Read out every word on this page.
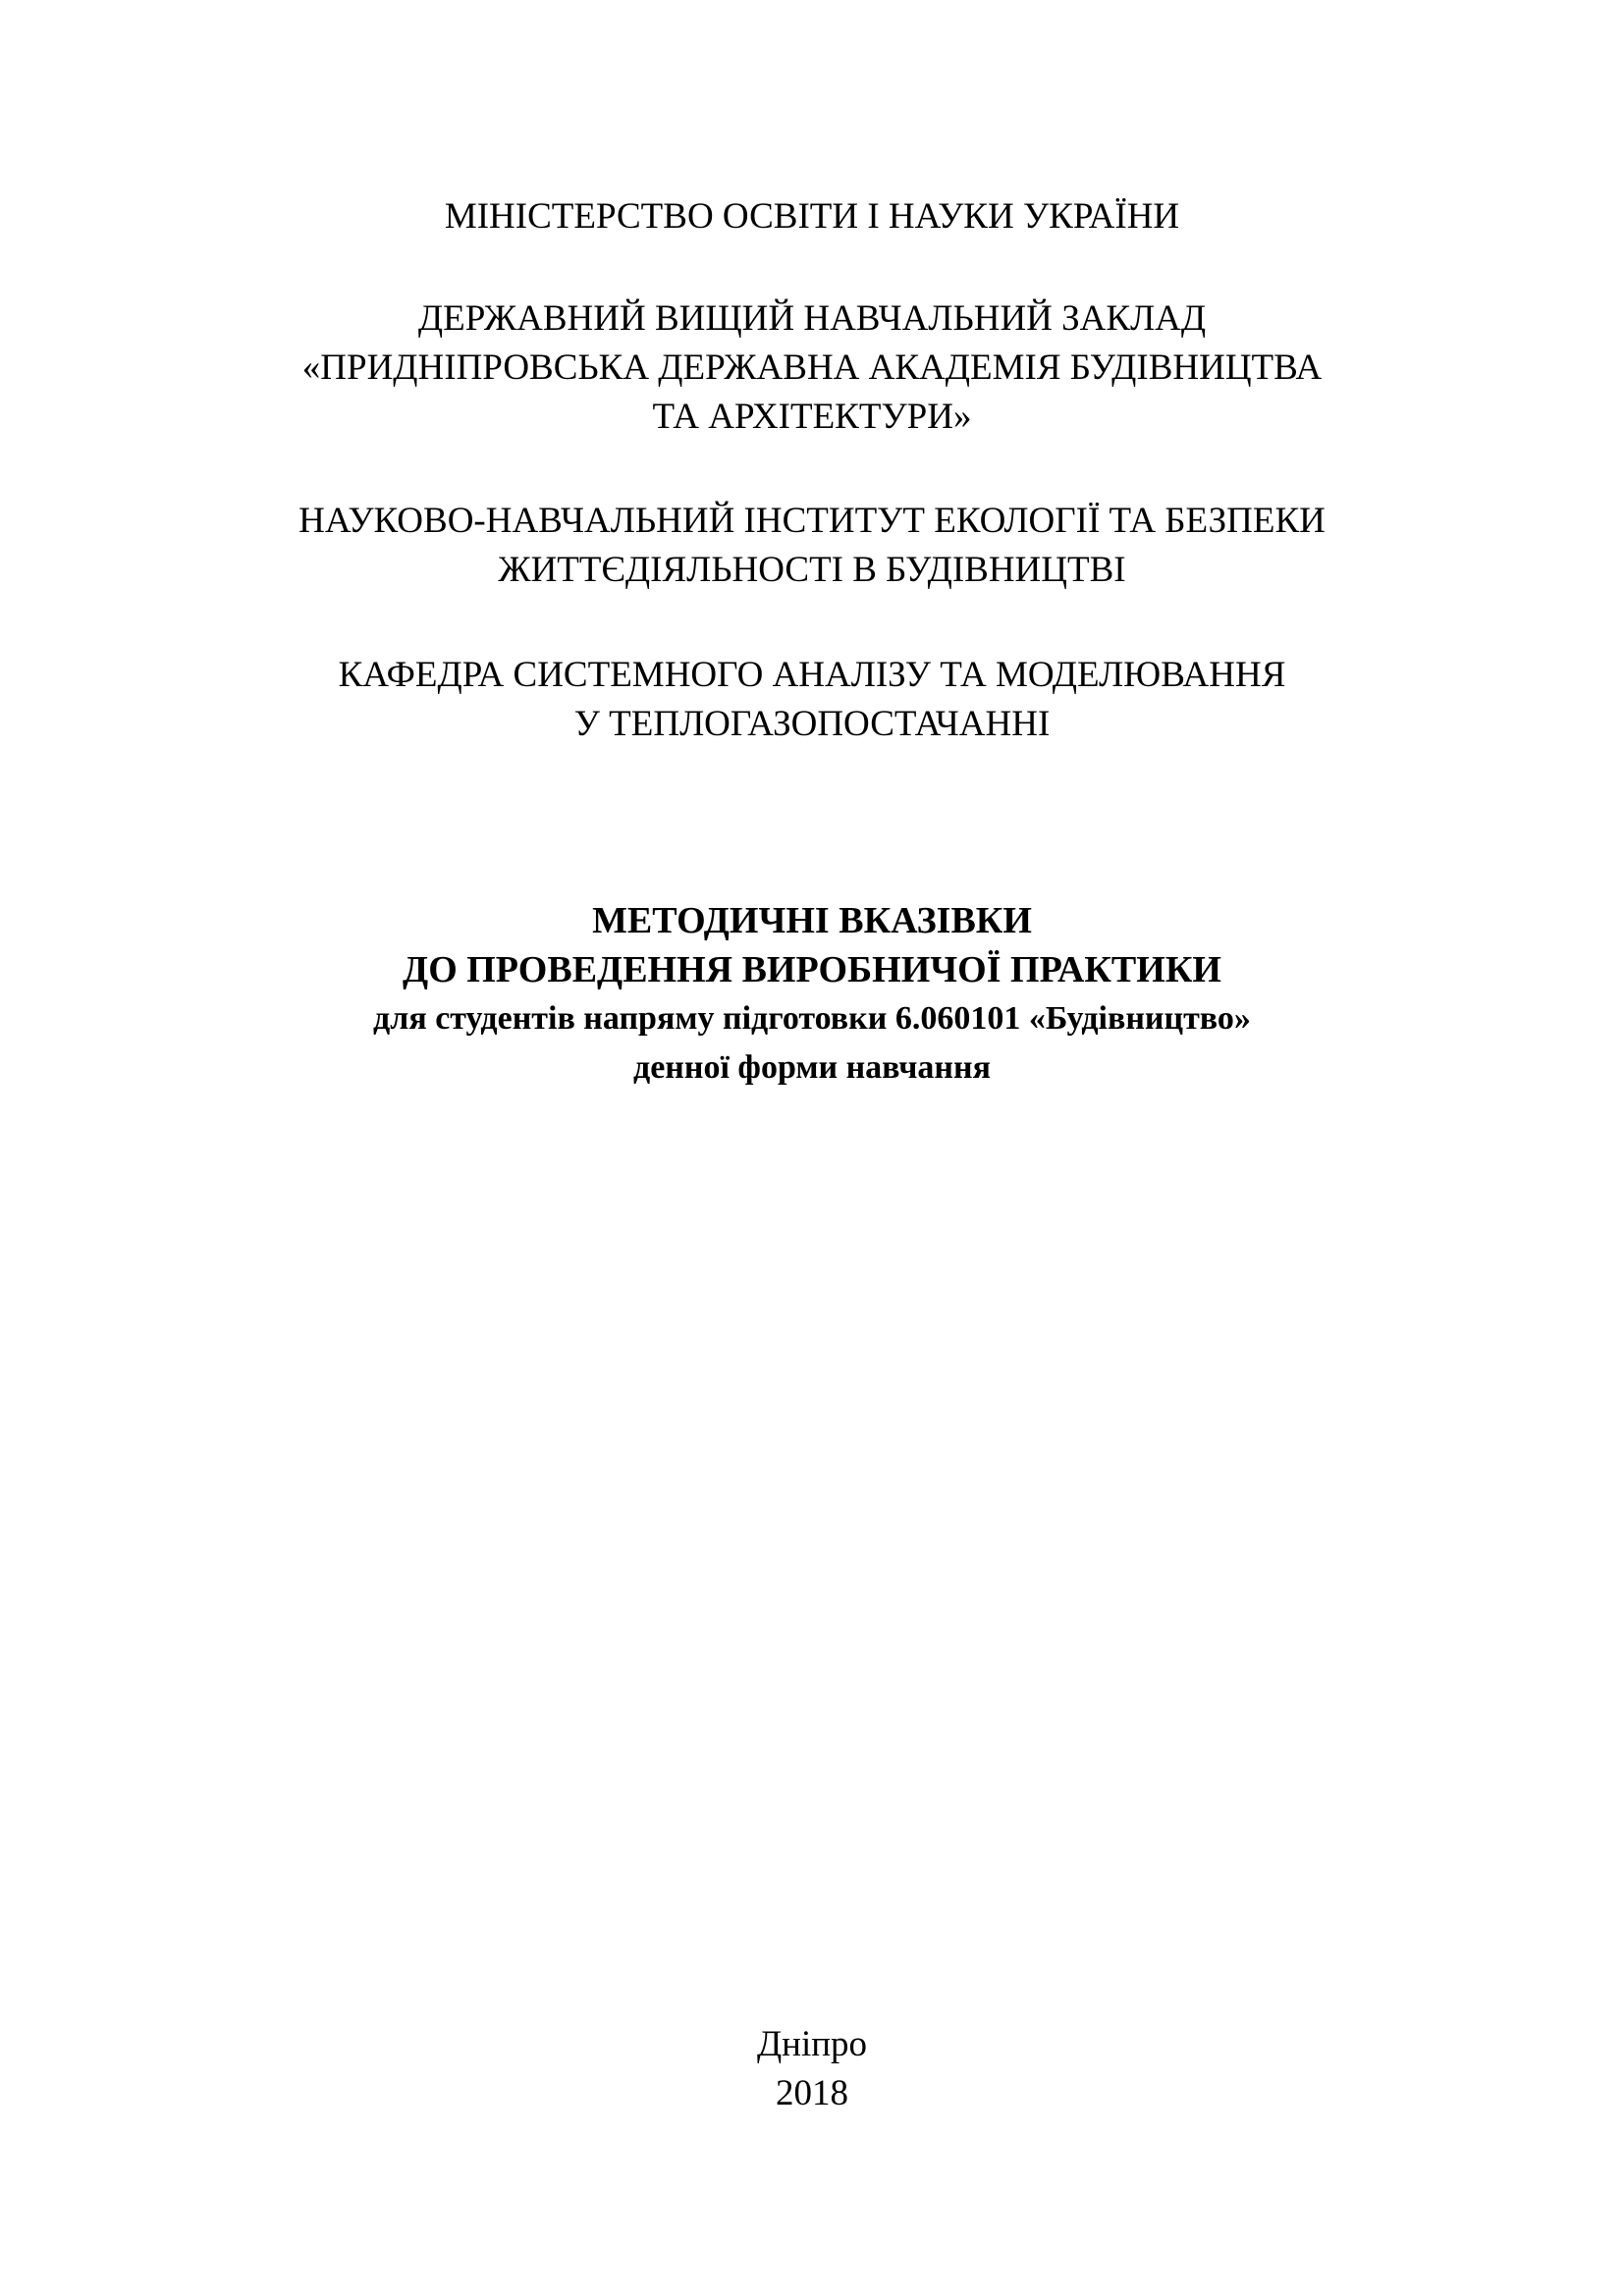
МІНІСТЕРСТВО ОСВІТИ І НАУКИ УКРАЇНИ
ДЕРЖАВНИЙ ВИЩИЙ НАВЧАЛЬНИЙ ЗАКЛАД
«ПРИДНІПРОВСЬКА ДЕРЖАВНА АКАДЕМІЯ БУДІВНИЦТВА
ТА АРХІТЕКТУРИ»
НАУКОВО-НАВЧАЛЬНИЙ ІНСТИТУТ ЕКОЛОГІЇ ТА БЕЗПЕКИ
ЖИТТЄДІЯЛЬНОСТІ В БУДІВНИЦТВІ
КАФЕДРА СИСТЕМНОГО АНАЛІЗУ ТА МОДЕЛЮВАННЯ
У ТЕПЛОГАЗОПОСТАЧАННІ
МЕТОДИЧНІ ВКАЗІВКИ
ДО ПРОВЕДЕННЯ ВИРОБНИЧОЇ ПРАКТИКИ
для студентів напряму підготовки 6.060101 «Будівництво»
денної форми навчання
Дніпро
2018
